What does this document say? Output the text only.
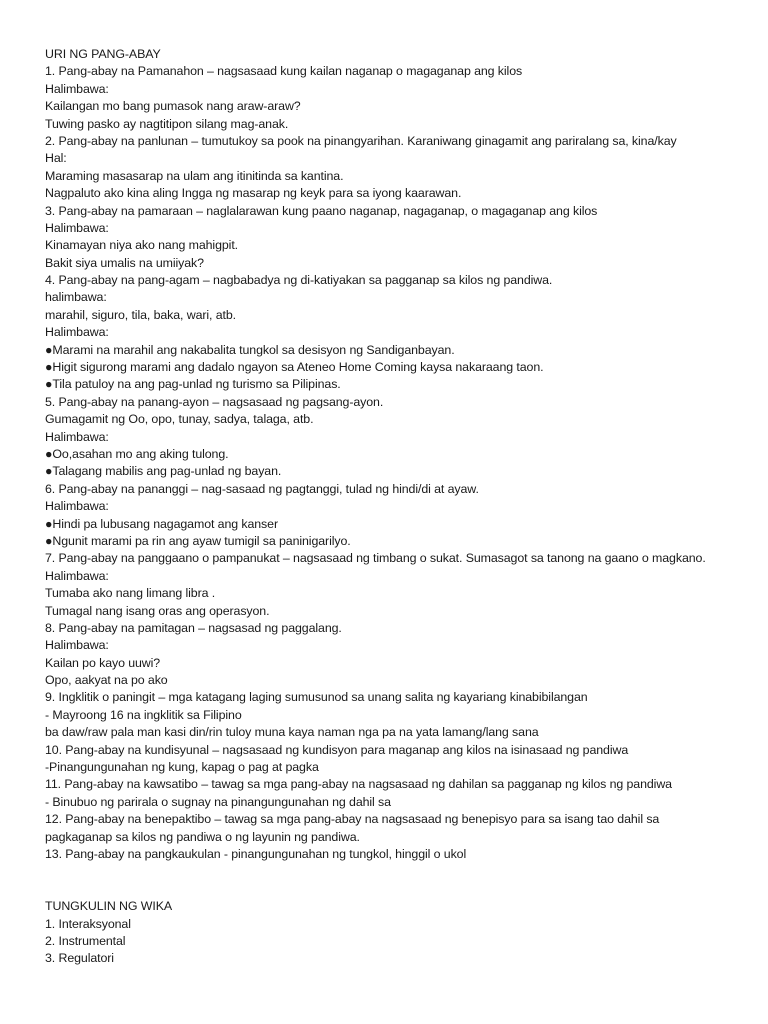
URI NG PANG-ABAY
1. Pang-abay na Pamanahon – nagsasaad kung kailan naganap o magaganap ang kilos
Halimbawa:
Kailangan mo bang pumasok nang araw-araw?
Tuwing pasko ay nagtitipon silang mag-anak.
2. Pang-abay na panlunan – tumutukoy sa pook na pinangyarihan. Karaniwang ginagamit ang pariralang sa, kina/kay
Hal:
Maraming masasarap na ulam ang itinitinda sa kantina.
Nagpaluto ako kina aling Ingga ng masarap ng keyk para sa iyong kaarawan.
3. Pang-abay na pamaraan – naglalarawan kung paano naganap, nagaganap, o magaganap ang kilos
Halimbawa:
Kinamayan niya ako nang mahigpit.
Bakit siya umalis na umiiyak?
4. Pang-abay na pang-agam – nagbabadya ng di-katiyakan sa pagganap sa kilos ng pandiwa.
halimbawa:
marahil, siguro, tila, baka, wari, atb.
Halimbawa:
●Marami na marahil ang nakabalita tungkol sa desisyon ng Sandiganbayan.
●Higit sigurong marami ang dadalo ngayon sa Ateneo Home Coming kaysa nakaraang taon.
●Tila patuloy na ang pag-unlad ng turismo sa Pilipinas.
5. Pang-abay na panang-ayon – nagsasaad ng pagsang-ayon.
Gumagamit ng Oo, opo, tunay, sadya, talaga, atb.
Halimbawa:
●Oo,asahan mo ang aking tulong.
●Talagang mabilis ang pag-unlad ng bayan.
6. Pang-abay na pananggi – nag-sasaad ng pagtanggi, tulad ng hindi/di at ayaw.
Halimbawa:
●Hindi pa lubusang nagagamot ang kanser
●Ngunit marami pa rin ang ayaw tumigil sa paninigarilyo.
7. Pang-abay na panggaano o pampanukat – nagsasaad ng timbang o sukat. Sumasagot sa tanong na gaano o magkano.
Halimbawa:
Tumaba ako nang limang libra .
Tumagal nang isang oras ang operasyon.
8. Pang-abay na pamitagan – nagsasad ng paggalang.
Halimbawa:
Kailan po kayo uuwi?
Opo, aakyat na po ako
9. Ingklitik o paningit – mga katagang laging sumusunod sa unang salita ng kayariang kinabibilangan
- Mayroong 16 na ingklitik sa Filipino
ba daw/raw pala man kasi din/rin tuloy muna kaya naman nga pa na yata lamang/lang sana
10. Pang-abay na kundisyunal – nagsasaad ng kundisyon para maganap ang kilos na isinasaad ng pandiwa
-Pinangungunahan ng kung, kapag o pag at pagka
11. Pang-abay na kawsatibo – tawag sa mga pang-abay na nagsasaad ng dahilan sa pagganap ng kilos ng pandiwa
- Binubuo ng parirala o sugnay na pinangungunahan ng dahil sa
12. Pang-abay na benepaktibo – tawag sa mga pang-abay na nagsasaad ng benepisyo para sa isang tao dahil sa
pagkaganap sa kilos ng pandiwa o ng layunin ng pandiwa.
13. Pang-abay na pangkaukulan - pinangungunahan ng tungkol, hinggil o ukol
TUNGKULIN NG WIKA
1. Interaksyonal
2. Instrumental
3. Regulatori
